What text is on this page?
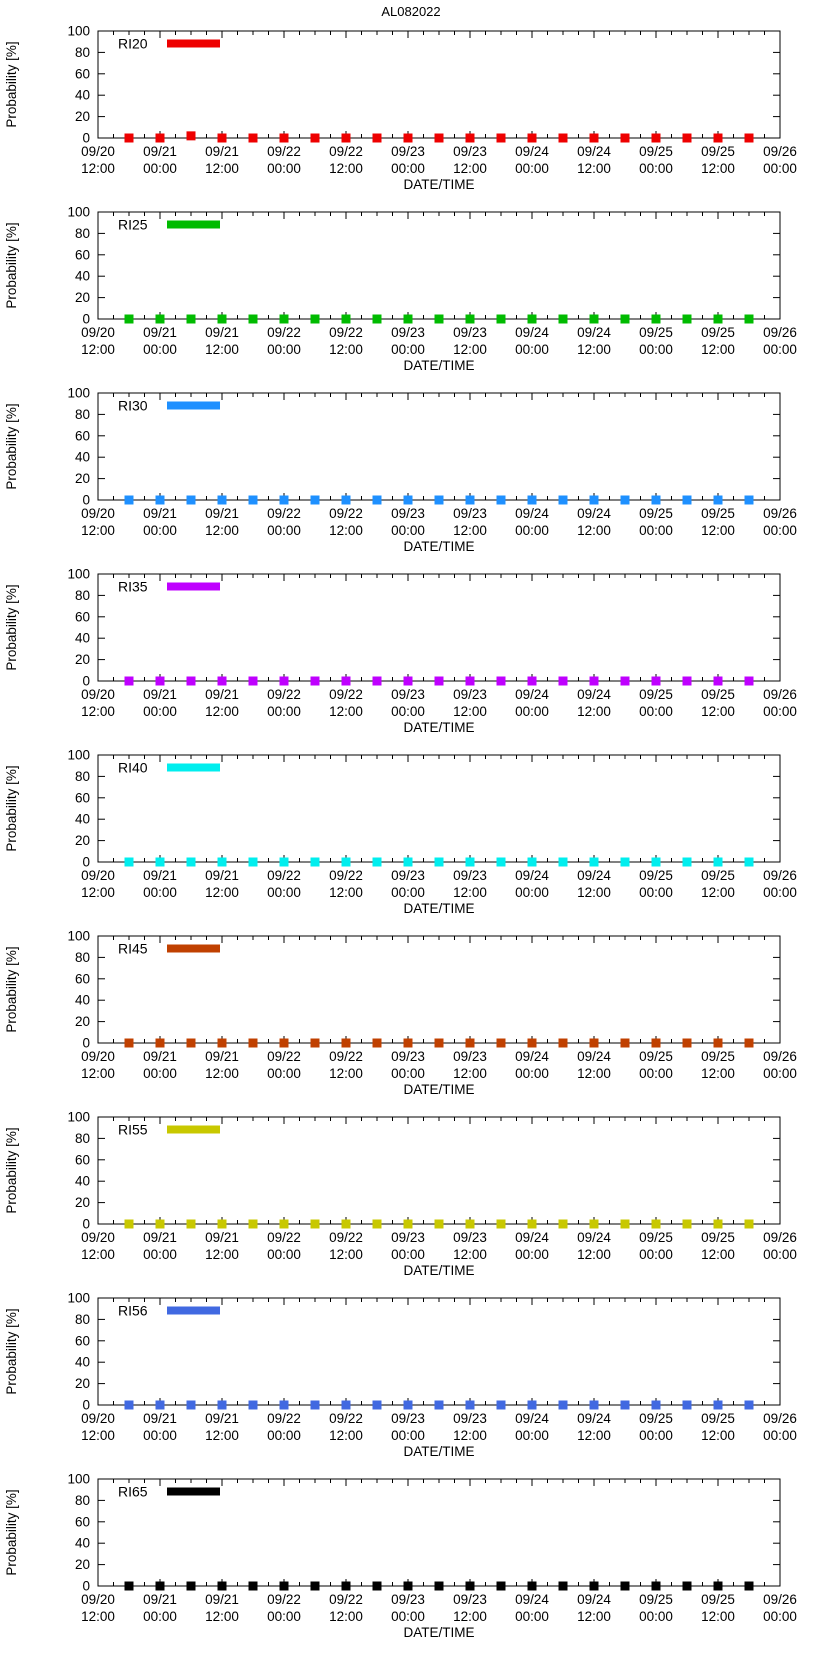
AL082022
0
20
40
60
80
100
09/20
12:00
09/21
00:00
09/21
12:00
09/22
00:00
09/22
12:00
09/23
00:00
09/23
12:00
09/24
00:00
09/24
12:00
09/25
00:00
09/25
12:00
09/26
00:00
DATE/TIME
Probability [%]	RI20
0
20
40
60
80
100
09/20
12:00
09/21
00:00
09/21
12:00
09/22
00:00
09/22
12:00
09/23
00:00
09/23
12:00
09/24
00:00
09/24
12:00
09/25
00:00
09/25
12:00
09/26
00:00
DATE/TIME
Probability [%]	RI25
0
20
40
60
80
100
09/20
12:00
09/21
00:00
09/21
12:00
09/22
00:00
09/22
12:00
09/23
00:00
09/23
12:00
09/24
00:00
09/24
12:00
09/25
00:00
09/25
12:00
09/26
00:00
DATE/TIME
Probability [%]	RI30
0
20
40
60
80
100
09/20
12:00
09/21
00:00
09/21
12:00
09/22
00:00
09/22
12:00
09/23
00:00
09/23
12:00
09/24
00:00
09/24
12:00
09/25
00:00
09/25
12:00
09/26
00:00
DATE/TIME
Probability [%]	RI35
0
20
40
60
80
100
09/20
12:00
09/21
00:00
09/21
12:00
09/22
00:00
09/22
12:00
09/23
00:00
09/23
12:00
09/24
00:00
09/24
12:00
09/25
00:00
09/25
12:00
09/26
00:00
DATE/TIME
Probability [%]	RI40
0
20
40
60
80
100
09/20
12:00
09/21
00:00
09/21
12:00
09/22
00:00
09/22
12:00
09/23
00:00
09/23
12:00
09/24
00:00
09/24
12:00
09/25
00:00
09/25
12:00
09/26
00:00
DATE/TIME
Probability [%]	RI45
0
20
40
60
80
100
09/20
12:00
09/21
00:00
09/21
12:00
09/22
00:00
09/22
12:00
09/23
00:00
09/23
12:00
09/24
00:00
09/24
12:00
09/25
00:00
09/25
12:00
09/26
00:00
DATE/TIME
Probability [%]	RI55
0
20
40
60
80
100
09/20
12:00
09/21
00:00
09/21
12:00
09/22
00:00
09/22
12:00
09/23
00:00
09/23
12:00
09/24
00:00
09/24
12:00
09/25
00:00
09/25
12:00
09/26
00:00
DATE/TIME
Probability [%]	RI56
0
20
40
60
80
100
09/20
12:00
09/21
00:00
09/21
12:00
09/22
00:00
09/22
12:00
09/23
00:00
09/23
12:00
09/24
00:00
09/24
12:00
09/25
00:00
09/25
12:00
09/26
00:00
DATE/TIME
Probability [%]	RI65
